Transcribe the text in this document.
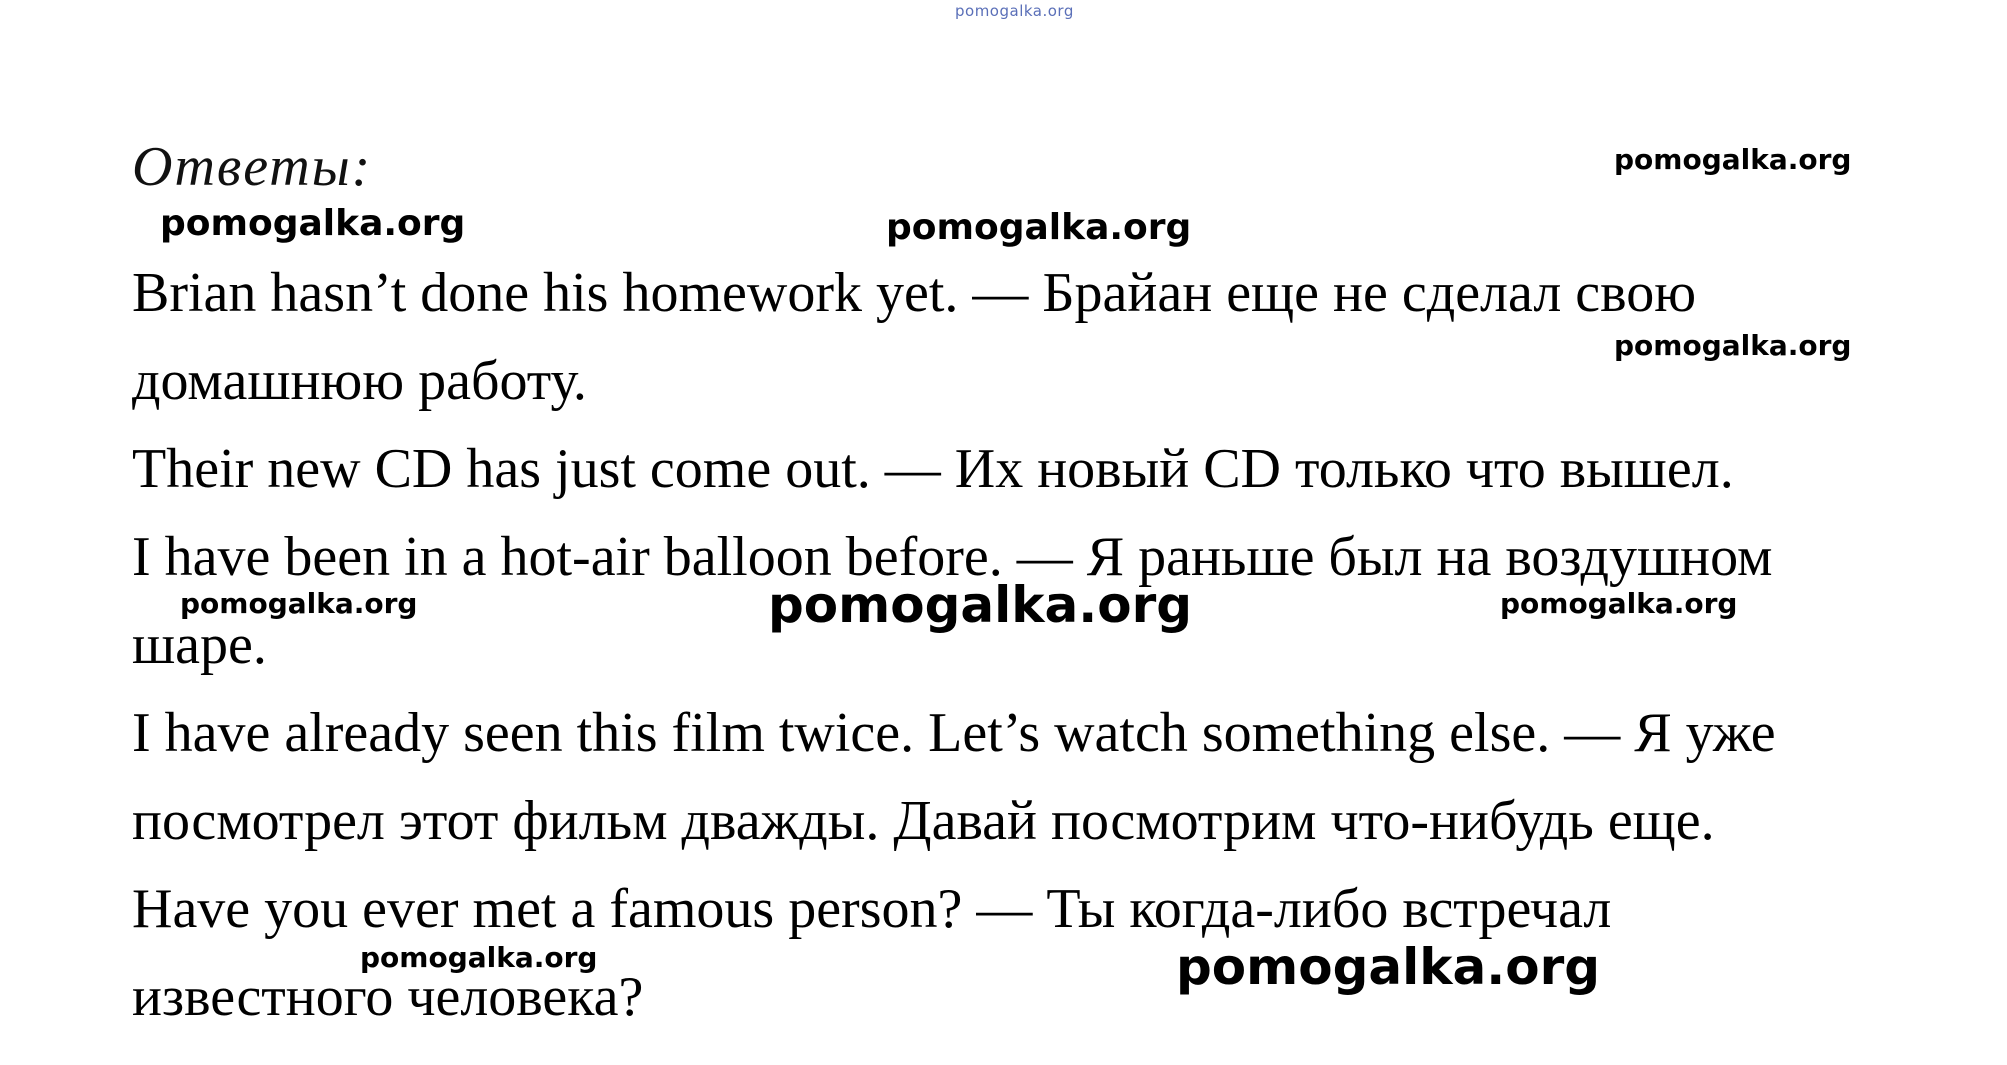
pomogalka.org
Ответы:
Brian hasn’t done his homework yet. — Брайан еще не сделал свою
домашнюю работу.
Their new CD has just come out. — Их новый CD только что вышел.
I have been in a hot-air balloon before. — Я раньше был на воздушном
шаре.
I have already seen this film twice. Let’s watch something else. — Я уже
посмотрел этот фильм дважды. Давай посмотрим что-нибудь еще.
Have you ever met a famous person? — Ты когда-либо встречал
известного человека?
pomogalka.org
pomogalka.org	pomogalka.org
pomogalka.org
pomogalka.org	pomogalka.org	pomogalka.org
pomogalka.org	pomogalka.org
